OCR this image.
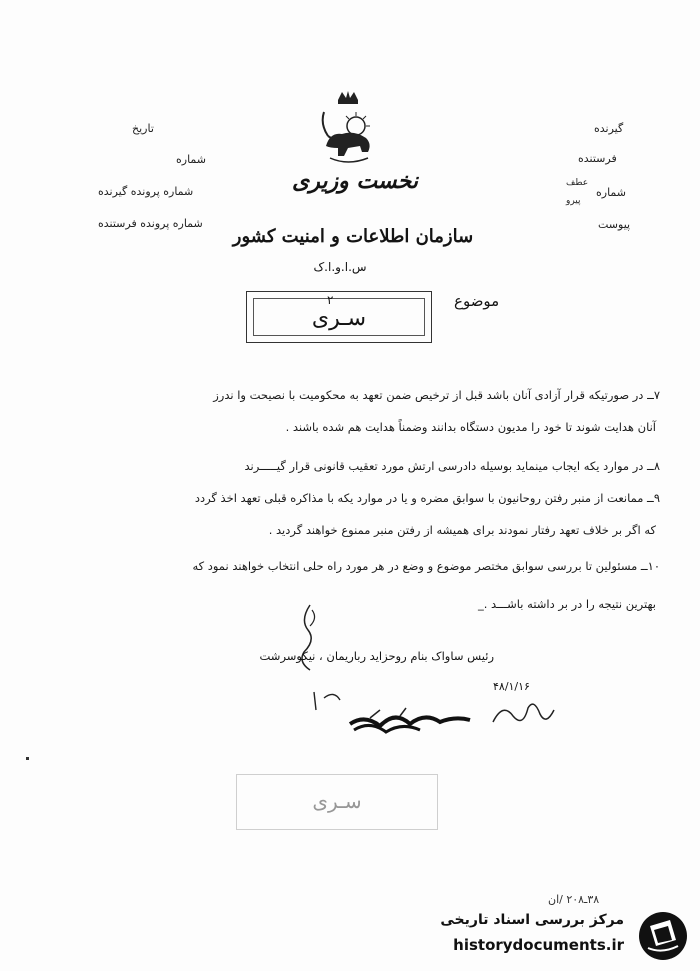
تاریخ
شماره
شماره پرونده گیرنده
شماره پرونده فرستنده
گیرنده
فرستنده
شماره
عطف
پیرو
پیوست
نخست وزیری
سازمان اطلاعات و امنیت کشور
س.ا.و.ا.ک
۲
سـری
موضوع
۷ــ در صورتیکه قرار آزادی آنان باشد قبل از ترخیص ضمن تعهد به محکومیت با نصیحت وا ندرز
آنان هدایت شوند تا خود را مدیون دستگاه بدانند وضمناً هدایت هم شده باشند .
۸ــ در موارد یکه ایجاب مینماید بوسیله دادرسی ارتش مورد تعقیب قانونی قرار گیـــــرند
۹ــ ممانعت از منبر رفتن روحانیون با سوابق مضره و یا در موارد یکه با مذاکره قبلی تعهد اخذ گردد
که اگر بر خلاف تعهد رفتار نمودند برای همیشه از رفتن منبر ممنوع خواهند گردید .
۱۰ــ مسئولین تا بررسی سوابق مختصر موضوع و وضع در هر مورد راه حلی انتخاب خواهند نمود که
بهترین نتیجه را در بر داشته باشـــد ._
رئیس ساواک بنام روحزاید رباریمان ، نیکوسرشت
۴۸/۱/۱۶
سـری
۳۸ـ۲۰۸ /ان
مرکز بررسی اسناد تاریخی
historydocuments.ir
